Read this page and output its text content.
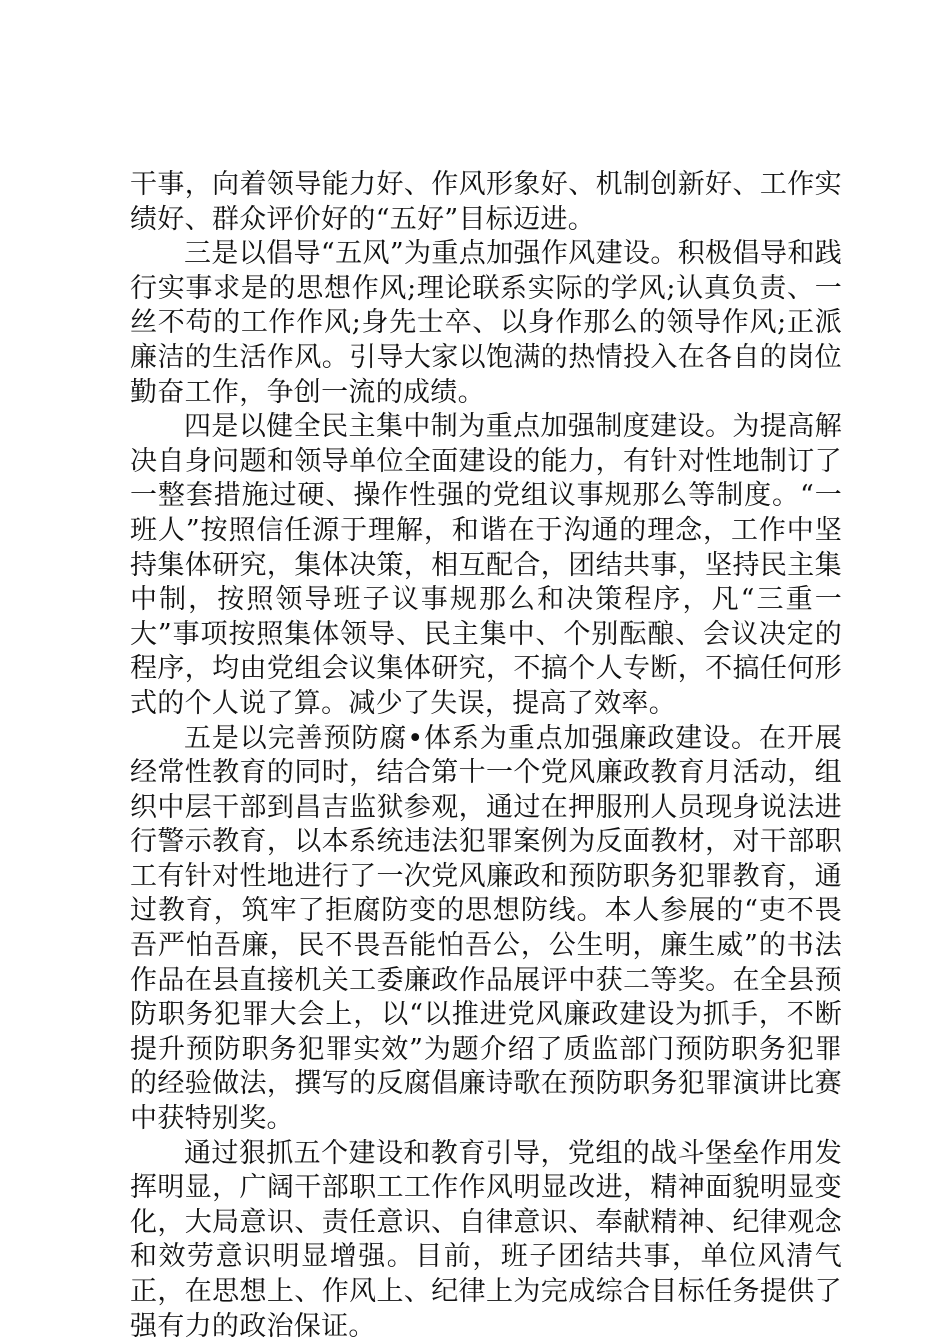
干事，向着领导能力好、作风形象好、机制创新好、工作实绩好、群众评价好的“五好”目标迈进。

三是以倡导“五风”为重点加强作风建设。积极倡导和践行实事求是的思想作风;理论联系实际的学风;认真负责、一丝不苟的工作作风;身先士卒、以身作那么的领导作风;正派廉洁的生活作风。引导大家以饱满的热情投入在各自的岗位勤奋工作，争创一流的成绩。

四是以健全民主集中制为重点加强制度建设。为提高解决自身问题和领导单位全面建设的能力，有针对性地制订了一整套措施过硬、操作性强的党组议事规那么等制度。“一班人”按照信任源于理解，和谐在于沟通的理念，工作中坚持集体研究，集体决策，相互配合，团结共事，坚持民主集中制，按照领导班子议事规那么和决策程序，凡“三重一大”事项按照集体领导、民主集中、个别酝酿、会议决定的程序，均由党组会议集体研究，不搞个人专断，不搞任何形式的个人说了算。减少了失误，提高了效率。

五是以完善预防腐•体系为重点加强廉政建设。在开展经常性教育的同时，结合第十一个党风廉政教育月活动，组织中层干部到昌吉监狱参观，通过在押服刑人员现身说法进行警示教育，以本系统违法犯罪案例为反面教材，对干部职工有针对性地进行了一次党风廉政和预防职务犯罪教育，通过教育，筑牢了拒腐防变的思想防线。本人参展的“吏不畏吾严怕吾廉，民不畏吾能怕吾公，公生明，廉生威”的书法作品在县直接机关工委廉政作品展评中获二等奖。在全县预防职务犯罪大会上，以“以推进党风廉政建设为抓手，不断提升预防职务犯罪实效”为题介绍了质监部门预防职务犯罪的经验做法，撰写的反腐倡廉诗歌在预防职务犯罪演讲比赛中获特别奖。

通过狠抓五个建设和教育引导，党组的战斗堡垒作用发挥明显，广阔干部职工工作作风明显改进，精神面貌明显变化，大局意识、责任意识、自律意识、奉献精神、纪律观念和效劳意识明显增强。目前，班子团结共事，单位风清气正，在思想上、作风上、纪律上为完成综合目标任务提供了强有力的政治保证。
